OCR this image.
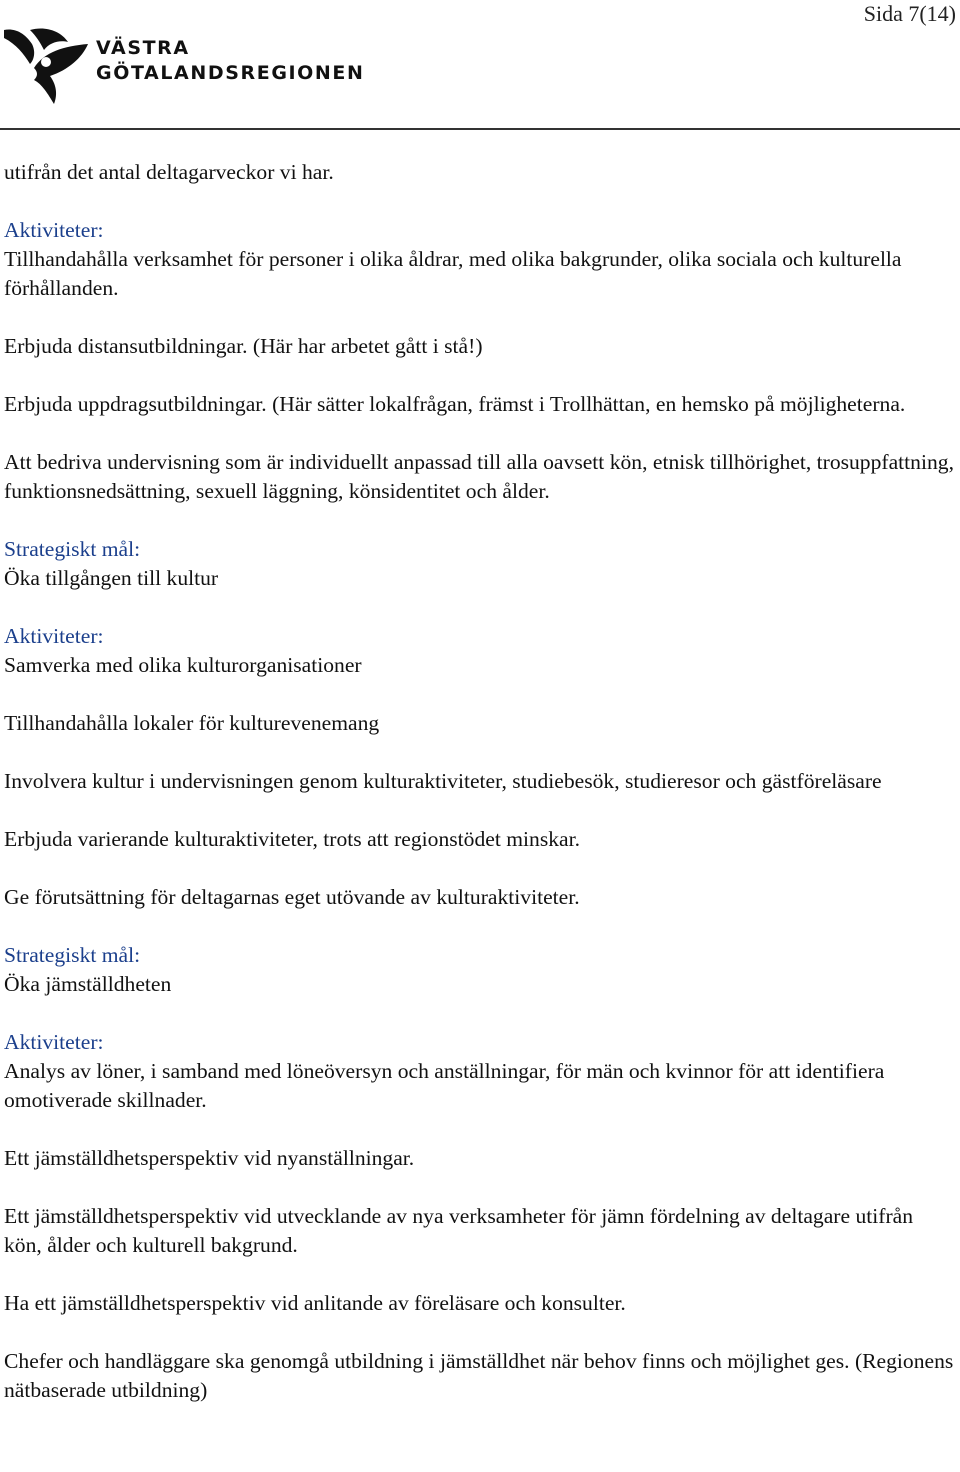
VÄSTRA
GÖTALANDSREGIONEN
Sida 7(14)

utifrån det antal deltagarveckor vi har.

Aktiviteter:

Tillhandahålla verksamhet för personer i olika åldrar, med olika bakgrunder, olika sociala och kulturella förhållanden.

Erbjuda distansutbildningar. (Här har arbetet gått i stå!)

Erbjuda uppdragsutbildningar. (Här sätter lokalfrågan, främst i Trollhättan, en hemsko på möjligheterna.

Att bedriva undervisning som är individuellt anpassad till alla oavsett kön, etnisk tillhörighet, trosuppfattning, funktionsnedsättning, sexuell läggning, könsidentitet och ålder.

Strategiskt mål:

Öka tillgången till kultur

Aktiviteter:

Samverka med olika kulturorganisationer

Tillhandahålla lokaler för kulturevenemang

Involvera kultur i undervisningen genom kulturaktiviteter, studiebesök, studieresor och gästföreläsare

Erbjuda varierande kulturaktiviteter, trots att regionstödet minskar.

Ge förutsättning för deltagarnas eget utövande av kulturaktiviteter.

Strategiskt mål:

Öka jämställdheten

Aktiviteter:

Analys av löner, i samband med löneöversyn och anställningar, för män och kvinnor för att identifiera omotiverade skillnader.

Ett jämställdhetsperspektiv vid nyanställningar.

Ett jämställdhetsperspektiv vid utvecklande av nya verksamheter för jämn fördelning av deltagare utifrån kön, ålder och kulturell bakgrund.

Ha ett jämställdhetsperspektiv vid anlitande av föreläsare och konsulter.

Chefer och handläggare ska genomgå utbildning i jämställdhet när behov finns och möjlighet ges. (Regionens nätbaserade utbildning)
